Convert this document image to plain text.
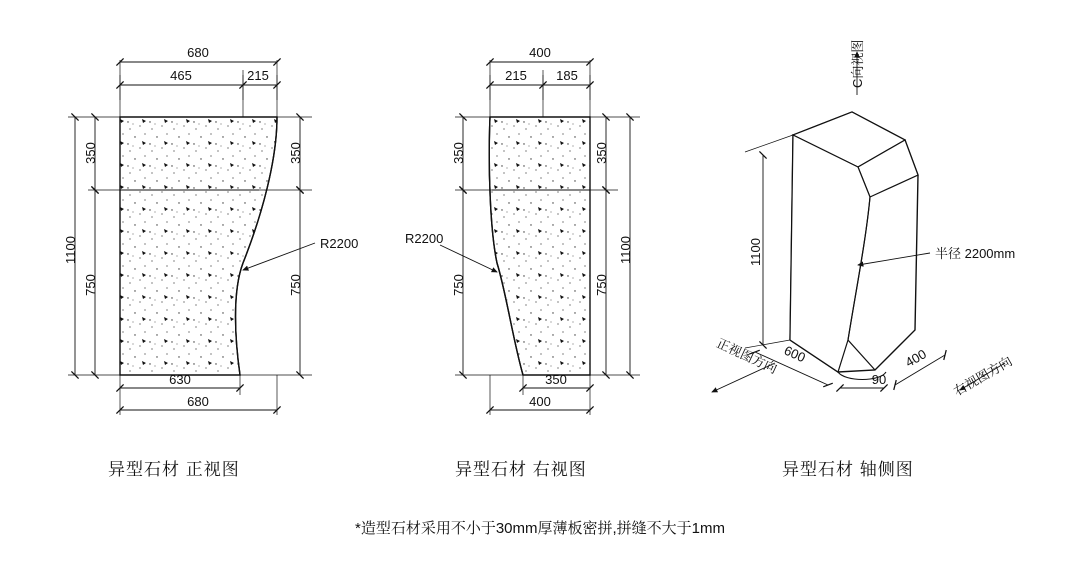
680
465	215
350
750
1100
350
750
R2200
630
680
400
215 185
350
750
R2200
350
750
1100
350
400
C向视图
1100
600	400
90
半径 2200mm
正视图方向	右视图方向
异型石材 正视图	异型石材 右视图	异型石材 轴侧图
*造型石材采用不小于30mm厚薄板密拼,拼缝不大于1mm
